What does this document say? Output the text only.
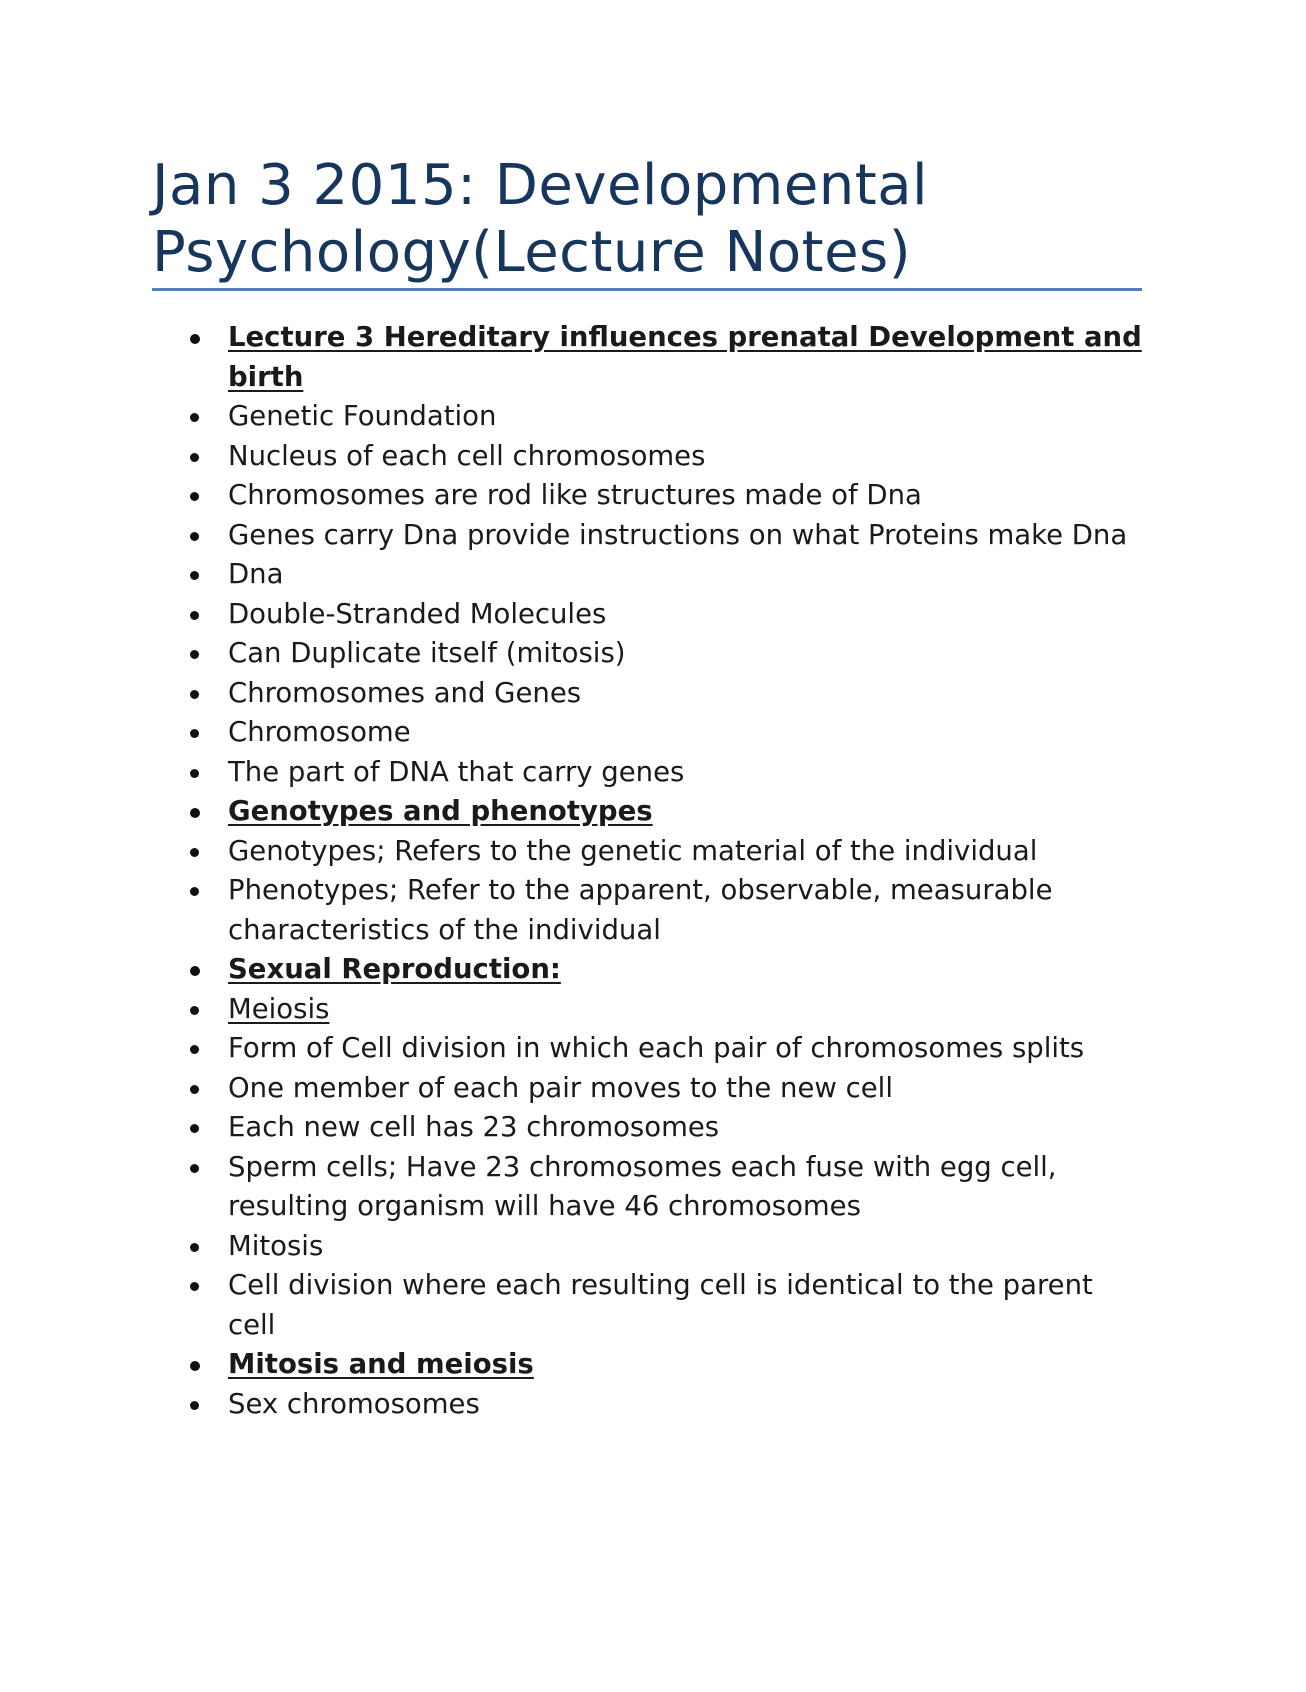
Jan 3 2015: Developmental Psychology(Lecture Notes)
Lecture 3 Hereditary influences prenatal Development and birth
Genetic Foundation
Nucleus of each cell chromosomes
Chromosomes are rod like structures made of Dna
Genes carry Dna provide instructions on what Proteins make Dna
Dna
Double-Stranded Molecules
Can Duplicate itself (mitosis)
Chromosomes and Genes
Chromosome
The part of DNA that carry genes
Genotypes and phenotypes
Genotypes; Refers to the genetic material of the individual
Phenotypes; Refer to the apparent, observable, measurable characteristics of the individual
Sexual Reproduction:
Meiosis
Form of Cell division in which each pair of chromosomes splits
One member of each pair moves to the new cell
Each new cell has 23 chromosomes
Sperm cells; Have 23 chromosomes each fuse with egg cell, resulting organism will have 46 chromosomes
Mitosis
Cell division where each resulting cell is identical to the parent cell
Mitosis and meiosis
Sex chromosomes
